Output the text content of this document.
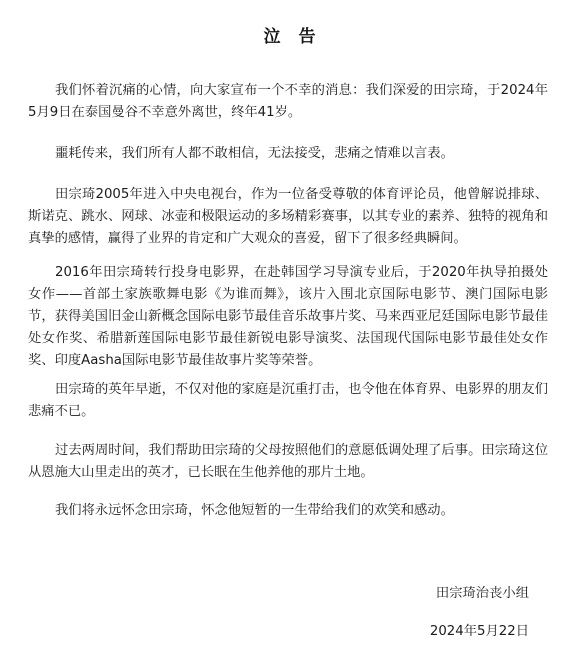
泣告

我们怀着沉痛的心情，向大家宣布一个不幸的消息：我们深爱的田宗琦，于2024年5月9日在泰国曼谷不幸意外离世，终年41岁。

噩耗传来，我们所有人都不敢相信，无法接受，悲痛之情难以言表。

田宗琦2005年进入中央电视台，作为一位备受尊敬的体育评论员，他曾解说排球、斯诺克、跳水、网球、冰壶和极限运动的多场精彩赛事，以其专业的素养、独特的视角和真挚的感情，赢得了业界的肯定和广大观众的喜爱，留下了很多经典瞬间。

2016年田宗琦转行投身电影界，在赴韩国学习导演专业后，于2020年执导拍摄处女作——首部土家族歌舞电影《为谁而舞》，该片入围北京国际电影节、澳门国际电影节，获得美国旧金山新概念国际电影节最佳音乐故事片奖、马来西亚尼廷国际电影节最佳处女作奖、希腊新莲国际电影节最佳新锐电影导演奖、法国现代国际电影节最佳处女作奖、印度Aasha国际电影节最佳故事片奖等荣誉。

田宗琦的英年早逝，不仅对他的家庭是沉重打击，也令他在体育界、电影界的朋友们悲痛不已。

过去两周时间，我们帮助田宗琦的父母按照他们的意愿低调处理了后事。田宗琦这位从恩施大山里走出的英才，已长眠在生他养他的那片土地。

我们将永远怀念田宗琦，怀念他短暂的一生带给我们的欢笑和感动。

田宗琦治丧小组
2024年5月22日
